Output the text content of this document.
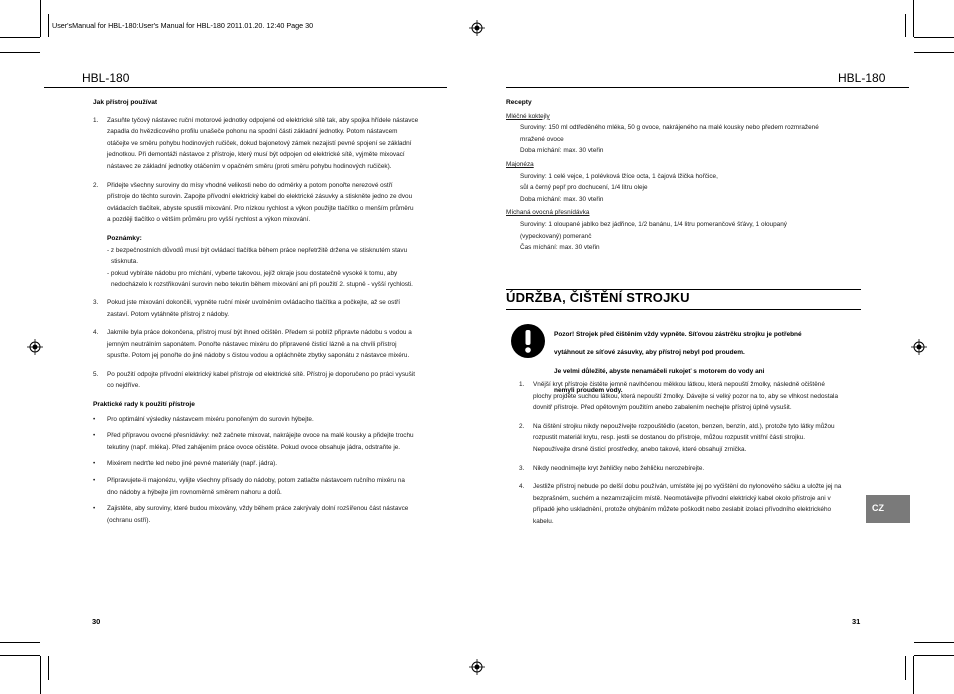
User'sManual for HBL-180:User's Manual for HBL-180 2011.01.20. 12:40 Page 30
HBL-180	HBL-180

Jak přístroj používat

1. Zasuňte tyčový nástavec ruční motorové jednotky odpojené od elektrické sítě tak, aby spojka hřídele nástavce

zapadla do hvězdicového profilu unašeče pohonu na spodní části základní jednotky. Potom nástavcem

otáčejte ve směru pohybu hodinových ručiček, dokud bajonetový zámek nezajistí pevné spojení se základní

jednotkou. Při demontáži nástavce z přístroje, který musí být odpojen od elektrické sítě, vyjměte mixovací

nástavec ze základní jednotky otáčením v opačném směru (proti směru pohybu hodinových ručiček).

2. Přidejte všechny suroviny do mísy vhodné velikosti nebo do odměrky a potom ponořte nerezové ostří

přístroje do těchto surovin. Zapojte přívodní elektrický kabel do elektrické zásuvky a stiskněte jedno ze dvou

ovládacích tlačítek, abyste spustili mixování. Pro nízkou rychlost a výkon použijte tlačítko o menším průměru

a později tlačítko o větším průměru pro vyšší rychlost a výkon mixování.

Poznámky:

- z bezpečnostních důvodů musí být ovládací tlačítka během práce nepřetržitě držena ve stisknutém stavu

stisknuta.

- pokud vybíráte nádobu pro míchání, vyberte takovou, jejíž okraje jsou dostatečně vysoké k tomu, aby

nedocházelo k rozstřikování surovin nebo tekutin během mixování ani při použití 2. stupně - vyšší rychlosti.

3. Pokud jste mixování dokončili, vypněte ruční mixér uvolněním ovládacího tlačítka a počkejte, až se ostří

zastaví. Potom vytáhněte přístroj z nádoby.

4. Jakmile byla práce dokončena, přístroj musí být ihned očištěn. Předem si poblíž připravte nádobu s vodou a

jemným neutrálním saponátem. Ponořte nástavec mixéru do připravené čisticí lázně a na chvíli přístroj

spusťte. Potom jej ponořte do jiné nádoby s čistou vodou a opláchněte zbytky saponátu z nástavce mixéru.

5. Po použití odpojte přívodní elektrický kabel přístroje od elektrické sítě. Přístroj je doporučeno po práci vysušit

co nejdříve.

Praktické rady k použití přístroje

• Pro optimální výsledky nástavcem mixéru ponořeným do surovin hýbejte.

• Před přípravou ovocné přesnídávky: než začnete mixovat, nakrájejte ovoce na malé kousky a přidejte trochu

tekutiny (např. mléka). Před zahájením práce ovoce očistěte. Pokud ovoce obsahuje jádra, odstraňte je.

• Mixérem nedrťte led nebo jiné pevné materiály (např. jádra).

• Připravujete-li majonézu, vylijte všechny přísady do nádoby, potom zatlačte nástavcem ručního mixéru na

dno nádoby a hýbejte jím rovnoměrně směrem nahoru a dolů.

• Zajistěte, aby suroviny, které budou mixovány, vždy během práce zakrývaly dolní rozšířenou část nástavce

(ochranu ostří).

30

Recepty

Mléčné koktejly

Suroviny: 150 ml odtředěného mléka, 50 g ovoce, nakrájeného na malé kousky nebo předem rozmražené

mražené ovoce

Doba míchání: max. 30 vteřin

Majonéza

Suroviny: 1 celé vejce, 1 polévková lžíce octa, 1 čajová lžička hořčice,

sůl a černý pepř pro dochucení, 1/4 litru oleje

Doba míchání: max. 30 vteřin

Míchaná ovocná přesnídávka

Suroviny: 1 oloupané jablko bez jádřince, 1/2 banánu, 1/4 litru pomerančové šťávy, 1 oloupaný

(vypeckovaný) pomeranč

Čas míchání: max. 30 vteřin

ÚDRŽBA, ČIŠTĚNÍ STROJKU

Pozor! Strojek před čištěním vždy vypněte. Síťovou zástrčku strojku je potřebné

vytáhnout ze síťové zásuvky, aby přístroj nebyl pod proudem.

Je velmi důležité, abyste nenamáčeli rukojeť s motorem do vody ani

nemyli proudem vody.

1. Vnější kryt přístroje čistěte jemně navlhčenou měkkou látkou, která nepouští žmolky, následně očištěné

plochy projděte suchou látkou, která nepouští žmolky. Dávejte si velký pozor na to, aby se vlhkost nedostala

dovnitř přístroje. Před opětovným použitím anebo zabalením nechejte přístroj úplně vysušit.

2. Na čištění strojku nikdy nepoužívejte rozpouštědlo (aceton, benzen, benzín, atd.), protože tyto látky můžou

rozpustit materiál krytu, resp. jestli se dostanou do přístroje, můžou rozpustit vnitřní části strojku.

Nepoužívejte drsné čisticí prostředky, anebo takové, které obsahují zrnička.

3. Nikdy neodnímejte kryt žehličky nebo žehličku nerozebírejte.

4. Jestliže přístroj nebude po delší dobu používán, umístěte jej po vyčištění do nylonového sáčku a uložte jej na

bezprašném, suchém a nezamrzajícím místě. Neomotávejte přívodní elektrický kabel okolo přístroje ani v

případě jeho uskladnění, protože ohýbáním můžete poškodit nebo zeslabit izolaci přívodního elektrického

kabelu.

CZ
31
